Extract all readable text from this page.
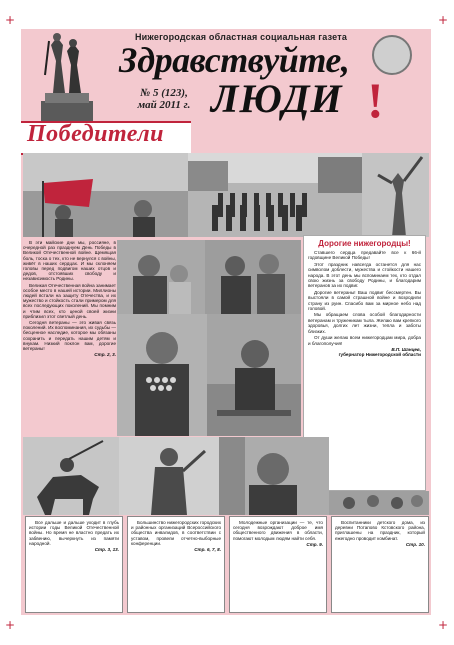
+	+
+	+
Нижегородская областная социальная газета
Здравствуйте,
ЛЮДИ !
№ 5 (123),
май 2011 г.
Победители

В эти майские дни мы, россияне, в очередной раз празднуем День Победы в Великой Отечественной войне. Щемящая боль, тоска о тех, кто не вернулся с войны, живёт в наших сердцах. И мы склоняем головы перед подвигом наших отцов и дедов, отстоявших свободу и независимость Родины.

Великая Отечественная война занимает особое место в нашей истории. Миллионы людей встали на защиту Отечества, и их мужество и стойкость стали примером для всех последующих поколений. Мы помним и чтим всех, кто ценой своей жизни приблизил этот светлый день.

Сегодня ветераны — это живая связь поколений. Их воспоминания, их судьбы — бесценное наследие, которое мы обязаны сохранить и передать нашим детям и внукам. Низкий поклон вам, дорогие ветераны!

Стр. 2, 3.
Дорогие нижегородцы!

Ставшего сердца предавайте все к 66-й годовщине Великой Победы!

Этот праздник навсегда останется для нас символом доблести, мужества и стойкости нашего народа. В этот день мы вспоминаем тех, кто отдал свою жизнь за свободу Родины, и благодарим ветеранов за их подвиг.

Дорогие ветераны! Ваш подвиг бессмертен. Вы выстояли в самой страшной войне и возродили страну из руин. Спасибо вам за мирное небо над головой.

Мы обращаем слова особой благодарности ветеранам и труженикам тыла. Желаю вам крепкого здоровья, долгих лет жизни, тепла и заботы близких.

От души желаю всем нижегородцам мира, добра и благополучия!

В.П. Шанцев,
губернатор Нижегородской области

Все дальше и дальше уходит в глубь истории годы Великой Отечественной войны. Но время не властно предать их забвению, вычеркнуть из памяти народной.

Стр. 3, 13.

Большинство нижегородских городских и районных организаций Всероссийского общества инвалидов, в соответствии с уставом, провели отчетно-выборные конференции.

Стр. 6, 7, 8.

Молодежные организации — те, что сегодня возрождают доброе имя общественного движения в области, помогают молодым людям найти себя.

Стр. 9.

Воспитанники детского дома, из деревни Потапово Кстовского района, приглашены на праздник, который ежегодно проводит комбинат.

Стр. 10.
